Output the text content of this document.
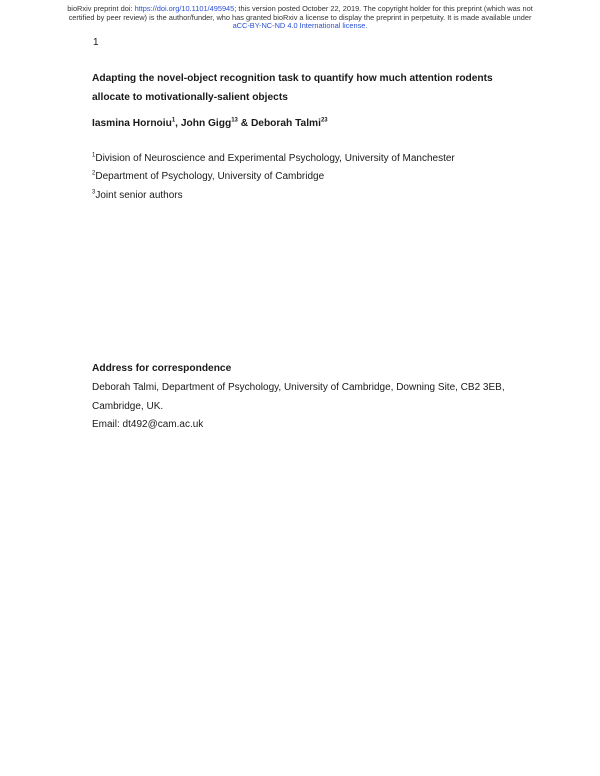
bioRxiv preprint doi: https://doi.org/10.1101/495945; this version posted October 22, 2019. The copyright holder for this preprint (which was not
certified by peer review) is the author/funder, who has granted bioRxiv a license to display the preprint in perpetuity. It is made available under
aCC-BY-NC-ND 4.0 International license.
1
Adapting the novel-object recognition task to quantify how much attention rodents allocate to motivationally-salient objects
Iasmina Hornoiu$^1$, John Gigg$^{13}$ & Deborah Talmi$^{23}$
$^1$Division of Neuroscience and Experimental Psychology, University of Manchester
$^2$Department of Psychology, University of Cambridge
$^3$Joint senior authors
Address for correspondence
Deborah Talmi, Department of Psychology, University of Cambridge, Downing Site, CB2 3EB,
Cambridge, UK.
Email: dt492@cam.ac.uk
